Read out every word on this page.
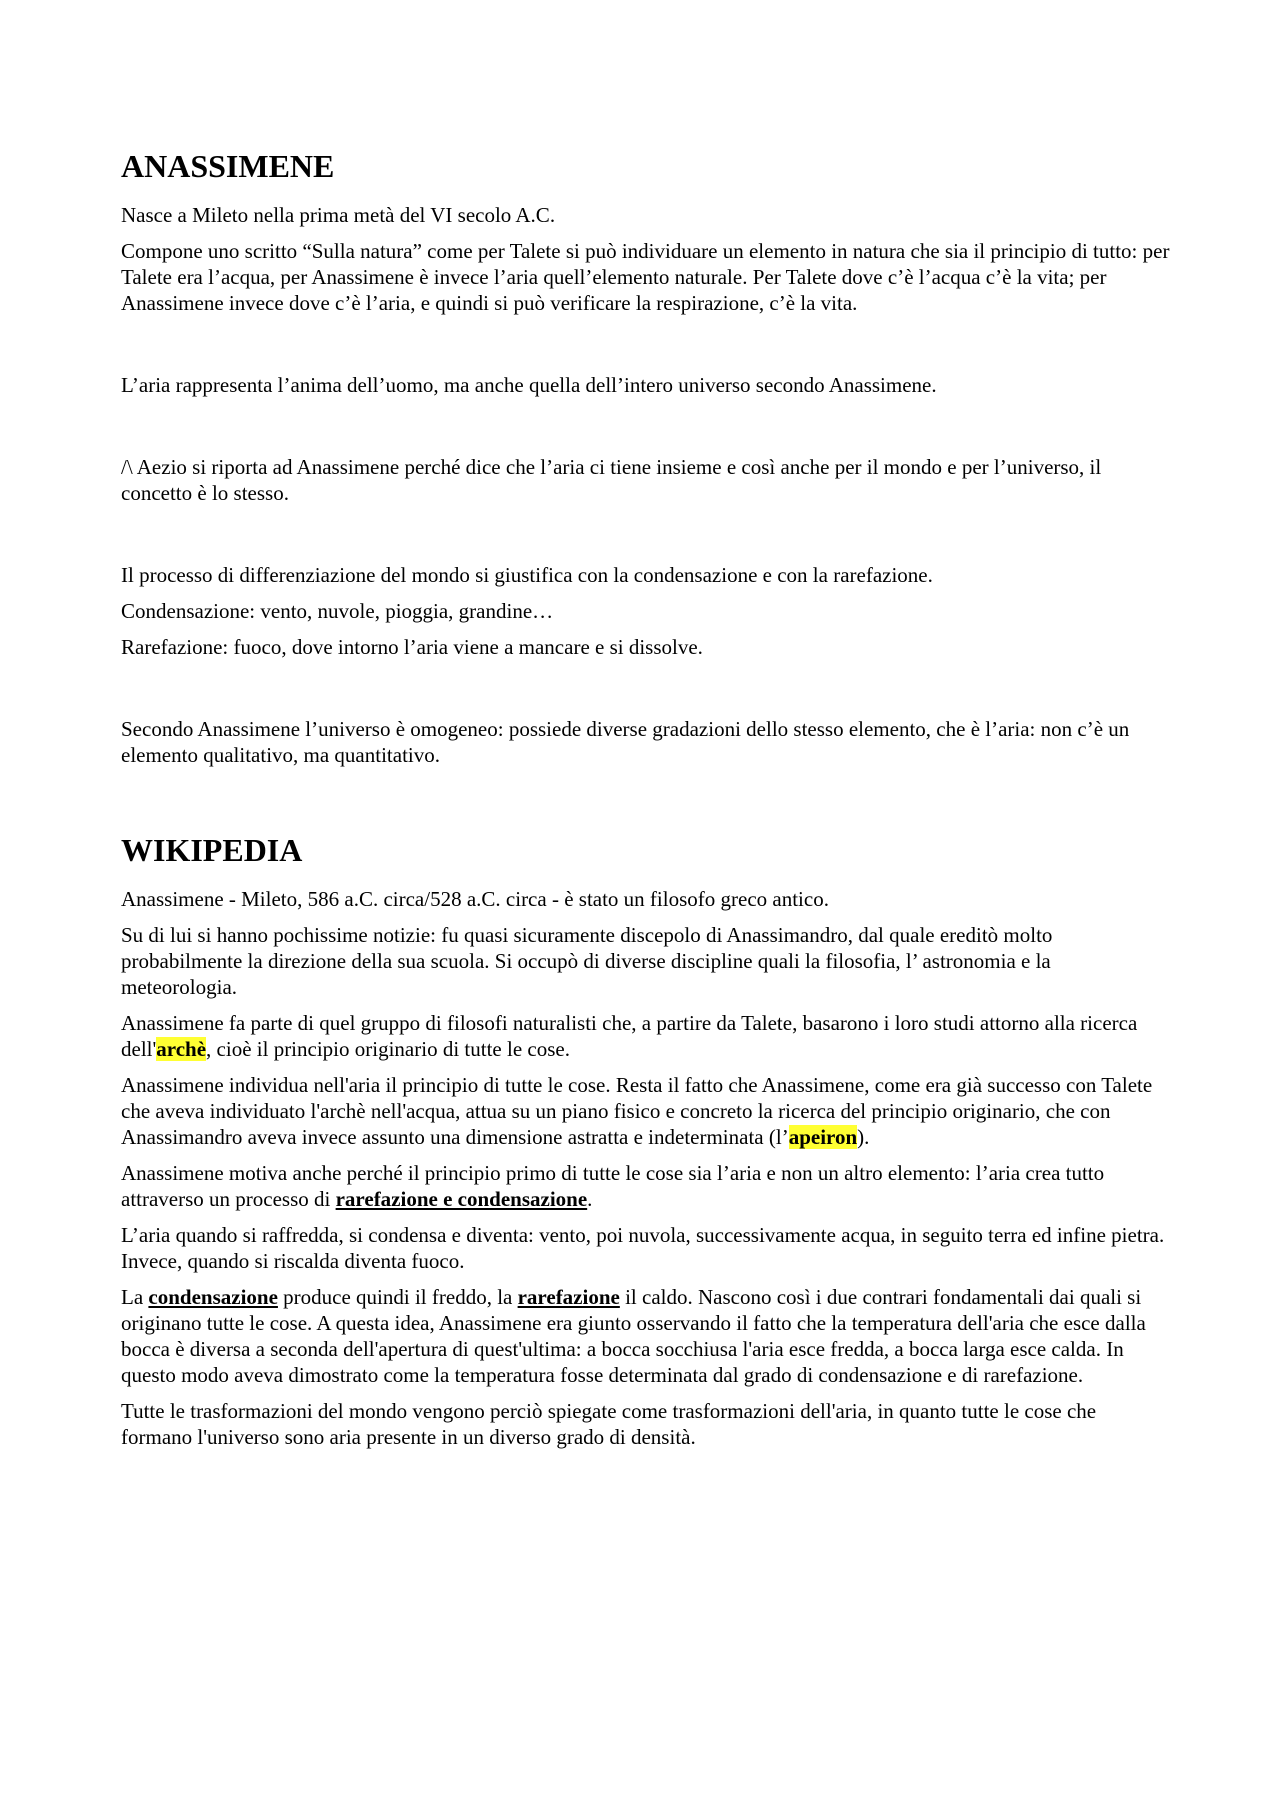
ANASSIMENE

Nasce a Mileto nella prima metà del VI secolo A.C.

Compone uno scritto “Sulla natura” come per Talete si può individuare un elemento in natura che sia il principio di tutto: per Talete era l’acqua, per Anassimene è invece l’aria quell’elemento naturale. Per Talete dove c’è l’acqua c’è la vita; per Anassimene invece dove c’è l’aria, e quindi si può verificare la respirazione, c’è la vita.

L’aria rappresenta l’anima dell’uomo, ma anche quella dell’intero universo secondo Anassimene.

/\ Aezio si riporta ad Anassimene perché dice che l’aria ci tiene insieme e così anche per il mondo e per l’universo, il concetto è lo stesso.

Il processo di differenziazione del mondo si giustifica con la condensazione e con la rarefazione.

Condensazione: vento, nuvole, pioggia, grandine…

Rarefazione: fuoco, dove intorno l’aria viene a mancare e si dissolve.

Secondo Anassimene l’universo è omogeneo: possiede diverse gradazioni dello stesso elemento, che è l’aria: non c’è un elemento qualitativo, ma quantitativo.

WIKIPEDIA

Anassimene - Mileto, 586 a.C. circa/528 a.C. circa - è stato un filosofo greco antico.

Su di lui si hanno pochissime notizie: fu quasi sicuramente discepolo di Anassimandro, dal quale ereditò molto probabilmente la direzione della sua scuola. Si occupò di diverse discipline quali la filosofia, l’ astronomia e la meteorologia.

Anassimene fa parte di quel gruppo di filosofi naturalisti che, a partire da Talete, basarono i loro studi attorno alla ricerca dell'archè, cioè il principio originario di tutte le cose.

Anassimene individua nell'aria il principio di tutte le cose. Resta il fatto che Anassimene, come era già successo con Talete che aveva individuato l'archè nell'acqua, attua su un piano fisico e concreto la ricerca del principio originario, che con Anassimandro aveva invece assunto una dimensione astratta e indeterminata (l’apeiron).

Anassimene motiva anche perché il principio primo di tutte le cose sia l’aria e non un altro elemento: l’aria crea tutto attraverso un processo di rarefazione e condensazione.

L’aria quando si raffredda, si condensa e diventa: vento, poi nuvola, successivamente acqua, in seguito terra ed infine pietra. Invece, quando si riscalda diventa fuoco.

La condensazione produce quindi il freddo, la rarefazione il caldo. Nascono così i due contrari fondamentali dai quali si originano tutte le cose. A questa idea, Anassimene era giunto osservando il fatto che la temperatura dell'aria che esce dalla bocca è diversa a seconda dell'apertura di quest'ultima: a bocca socchiusa l'aria esce fredda, a bocca larga esce calda. In questo modo aveva dimostrato come la temperatura fosse determinata dal grado di condensazione e di rarefazione.

Tutte le trasformazioni del mondo vengono perciò spiegate come trasformazioni dell'aria, in quanto tutte le cose che formano l'universo sono aria presente in un diverso grado di densità.
